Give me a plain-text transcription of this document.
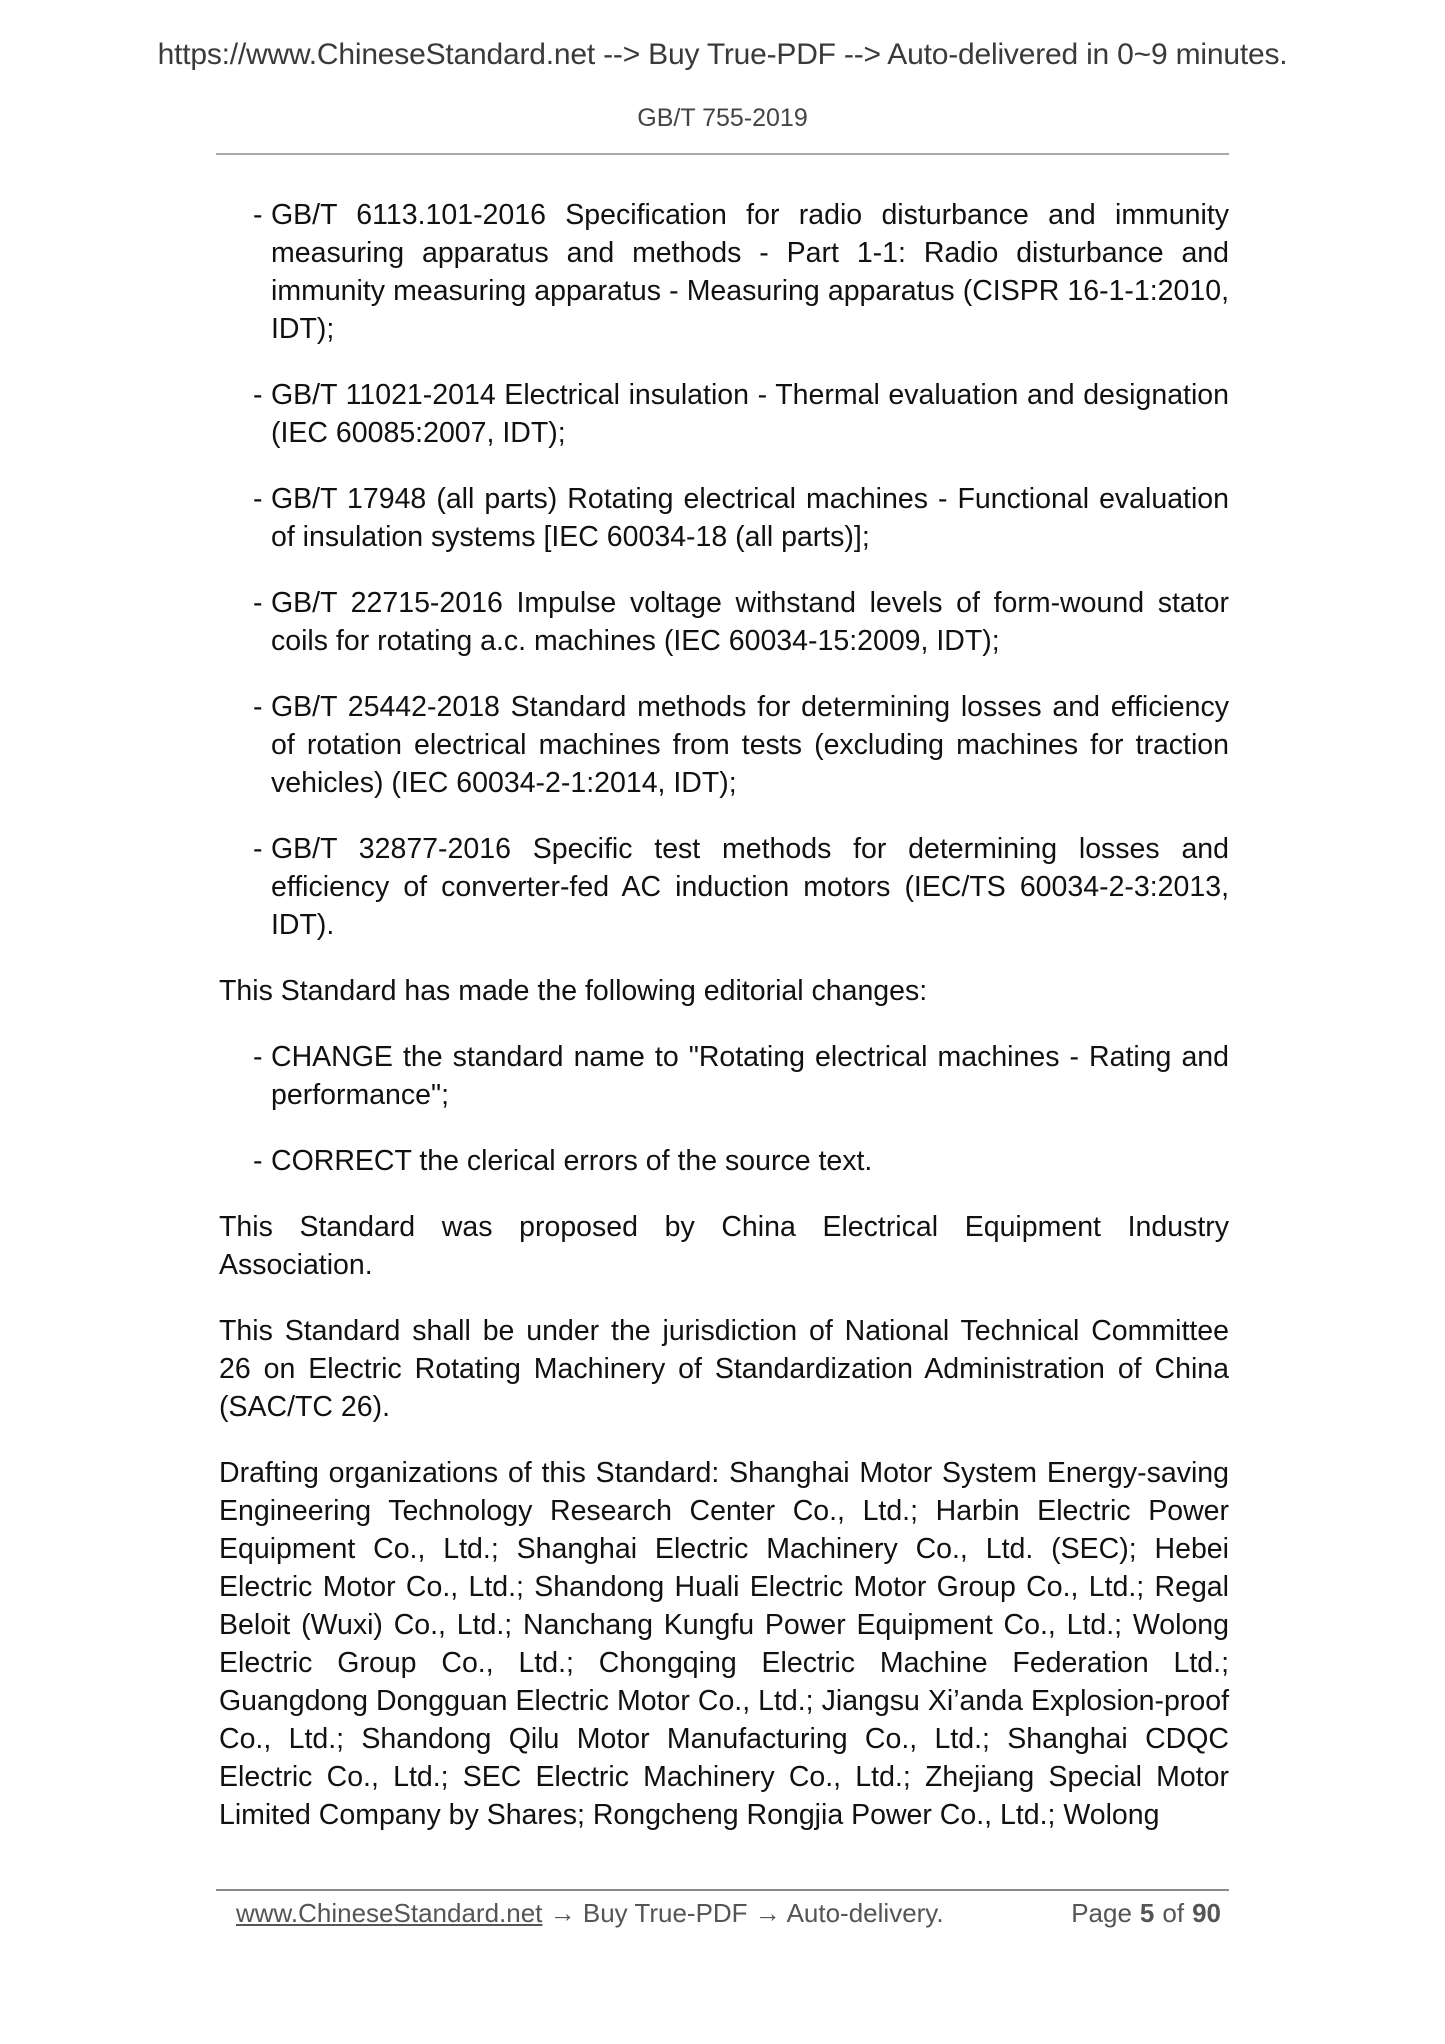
https://www.ChineseStandard.net --> Buy True-PDF --> Auto-delivered in 0~9 minutes.
GB/T 755-2019
- GB/T 6113.101-2016 Specification for radio disturbance and immunity measuring apparatus and methods - Part 1-1: Radio disturbance and immunity measuring apparatus - Measuring apparatus (CISPR 16-1-1:2010, IDT);
- GB/T 11021-2014 Electrical insulation - Thermal evaluation and designation (IEC 60085:2007, IDT);
- GB/T 17948 (all parts) Rotating electrical machines - Functional evaluation of insulation systems [IEC 60034-18 (all parts)];
- GB/T 22715-2016 Impulse voltage withstand levels of form-wound stator coils for rotating a.c. machines (IEC 60034-15:2009, IDT);
- GB/T 25442-2018 Standard methods for determining losses and efficiency of rotation electrical machines from tests (excluding machines for traction vehicles) (IEC 60034-2-1:2014, IDT);
- GB/T 32877-2016 Specific test methods for determining losses and efficiency of converter-fed AC induction motors (IEC/TS 60034-2-3:2013, IDT).
This Standard has made the following editorial changes:
- CHANGE the standard name to "Rotating electrical machines - Rating and performance";
- CORRECT the clerical errors of the source text.
This Standard was proposed by China Electrical Equipment Industry Association.
This Standard shall be under the jurisdiction of National Technical Committee 26 on Electric Rotating Machinery of Standardization Administration of China (SAC/TC 26).
Drafting organizations of this Standard: Shanghai Motor System Energy-saving Engineering Technology Research Center Co., Ltd.; Harbin Electric Power Equipment Co., Ltd.; Shanghai Electric Machinery Co., Ltd. (SEC); Hebei Electric Motor Co., Ltd.; Shandong Huali Electric Motor Group Co., Ltd.; Regal Beloit (Wuxi) Co., Ltd.; Nanchang Kungfu Power Equipment Co., Ltd.; Wolong Electric Group Co., Ltd.; Chongqing Electric Machine Federation Ltd.; Guangdong Dongguan Electric Motor Co., Ltd.; Jiangsu Xi’anda Explosion-proof Co., Ltd.; Shandong Qilu Motor Manufacturing Co., Ltd.; Shanghai CDQC Electric Co., Ltd.; SEC Electric Machinery Co., Ltd.; Zhejiang Special Motor Limited Company by Shares; Rongcheng Rongjia Power Co., Ltd.; Wolong
www.ChineseStandard.net → Buy True-PDF → Auto-delivery.	Page 5 of 90
